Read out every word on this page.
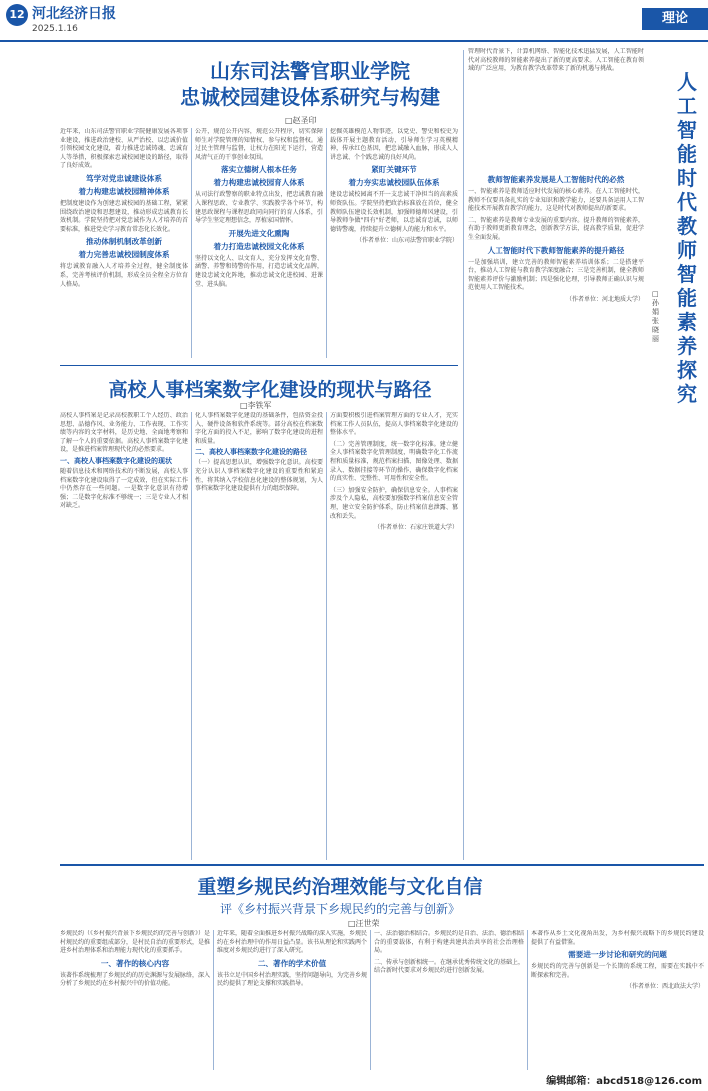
12 河北经济日报
2025.1.16
理论
山东司法警官职业学院
忠诚校园建设体系研究与构建
□赵圣印
近年来，山东司法警官职业学院健康发展各项事业建设，推进政治建校、从严治校、以忠诚价值引领校园文化建设，着力推进忠诚铸魂、忠诚育人等举措，积极探索忠诚校园建设的路径，取得了良好成效。
笃学对党忠诚建设体系
着力构建忠诚校园精神体系
把制度建设作为创建忠诚校园的基础工程，紧紧围绕政治建设和思想建设，推动形成忠诚教育长效机制。学院坚持把对党忠诚作为人才培养的首要标准，推进党史学习教育常态化长效化。
推动体制机制改革创新
着力完善忠诚校园制度体系
将忠诚教育融入人才培养全过程，健全制度体系，完善考核评价机制，形成全员全程全方位育人格局。
公开，规范公开内容，规范公开程序，切实保障师生对学院管理的知情权、参与权和监督权。通过民主管理与监督，让权力在阳光下运行，营造风清气正的干事创业氛围。
落实立德树人根本任务
着力构建忠诚校园育人体系
从司法行政警察的职业特点出发，把忠诚教育融入课程思政、专业教学、实践教学各个环节，构建思政课程与课程思政同向同行的育人体系，引导学生坚定理想信念，厚植家国情怀。
开展先进文化熏陶
着力打造忠诚校园文化体系
坚持以文化人、以文育人，充分发挥文化育警、涵警、养警和铸警的作用，打造忠诚文化品牌，建设忠诚文化阵地，推动忠诚文化进校园、进课堂、进头脑。
挖掘英雄模范人物事迹，以党史、警史和校史为载体开展主题教育活动，引导师生学习英模精神，传承红色基因，把忠诚融入血脉，形成人人讲忠诚、个个践忠诚的良好风尚。
紧盯关键环节
着力夯实忠诚校园队伍体系
建设忠诚校园离不开一支忠诚干净担当的高素质师资队伍。学院坚持把政治标准放在首位，健全教师队伍建设长效机制，加强师德师风建设，引导教师争做"四有"好老师，以忠诚育忠诚，以师德铸警魂，持续提升立德树人的能力和水平。
（作者单位：山东司法警官职业学院）
管理时代背景下，计算机网络、智能化技术迅猛发展，人工智能时代对高校教师的智能素养提出了新的更高要求。人工智能在教育领域的广泛应用，为教育教学改革带来了新的机遇与挑战。
人工智能时代教师智能素养探究
□孙娟 张晓丽
教师智能素养发展是人工智能时代的必然
一、智能素养是教师适应时代发展的核心素养。在人工智能时代，教师不仅要具备扎实的专业知识和教学能力，还要具备运用人工智能技术开展教育教学的能力，这是时代对教师提出的新要求。
二、智能素养是教师专业发展的重要内容。提升教师的智能素养，有助于教师更新教育理念，创新教学方法，提高教学质量，促进学生全面发展。
人工智能时代下教师智能素养的提升路径
一是加强培训，建立完善的教师智能素养培训体系；二是搭建平台，推动人工智能与教育教学深度融合；三是完善机制，健全教师智能素养评价与激励机制；四是强化伦理，引导教师正确认识与规范使用人工智能技术。
（作者单位：河北地质大学）
高校人事档案数字化建设的现状与路径
□李铁军
高校人事档案是记录高校教职工个人经历、政治思想、品德作风、业务能力、工作表现、工作实绩等内容的文字材料，是历史地、全面地考察和了解一个人的重要依据。高校人事档案数字化建设，是推进档案管理现代化的必然要求。
一、高校人事档案数字化建设的现状
随着信息技术和网络技术的不断发展，高校人事档案数字化建设取得了一定成效，但在实际工作中仍然存在一些问题。一是数字化意识有待增强；二是数字化标准不够统一；三是专业人才相对缺乏。
化人事档案数字化建设的基础条件，包括资金投入、硬件设备和软件系统等。部分高校在档案数字化方面的投入不足，影响了数字化建设的进程和质量。
二、高校人事档案数字化建设的路径
（一）提高思想认识，增强数字化意识。高校要充分认识人事档案数字化建设的重要性和紧迫性，将其纳入学校信息化建设的整体规划，为人事档案数字化建设提供有力的组织保障。
方面要积极引进档案管理方面的专业人才，充实档案工作人员队伍，提高人事档案数字化建设的整体水平。
（二）完善管理制度，统一数字化标准。建立健全人事档案数字化管理制度，明确数字化工作流程和质量标准，规范档案扫描、图像处理、数据录入、数据挂接等环节的操作，确保数字化档案的真实性、完整性、可用性和安全性。
（三）加强安全防护，确保信息安全。人事档案涉及个人隐私，高校要加强数字档案信息安全管理，建立安全防护体系，防止档案信息泄露、篡改和丢失。
（作者单位：石家庄铁道大学）
重塑乡规民约治理效能与文化自信
评《乡村振兴背景下乡规民约的完善与创新》
□汪世荣
乡规民约（《乡村振兴背景下乡规民约的完善与创新》）是村规民约的重要组成部分，是村民自治的重要形式，是推进乡村治理体系和治理能力现代化的重要抓手。
一、著作的核心内容
该著作系统梳理了乡规民约的历史渊源与发展脉络，深入分析了乡规民约在乡村振兴中的价值功能。
近年来，随着全面推进乡村振兴战略的深入实施，乡规民约在乡村治理中的作用日益凸显。该书从理论和实践两个维度对乡规民约进行了深入研究。
二、著作的学术价值
该书立足中国乡村治理实践，坚持问题导向，为完善乡规民约提供了理论支撑和实践指导。
一、法治德治相结合。乡规民约是自治、法治、德治相结合的重要载体，有利于构建共建共治共享的社会治理格局。
二、传承与创新相统一。在继承优秀传统文化的基础上，结合新时代要求对乡规民约进行创新发展。
本著作从乡土文化视角出发，为乡村振兴战略下的乡规民约建设提供了有益借鉴。
需要进一步讨论和研究的问题
乡规民约的完善与创新是一个长期的系统工程，需要在实践中不断探索和完善。
（作者单位：西北政法大学）
编辑邮箱：abcd518@126.com
